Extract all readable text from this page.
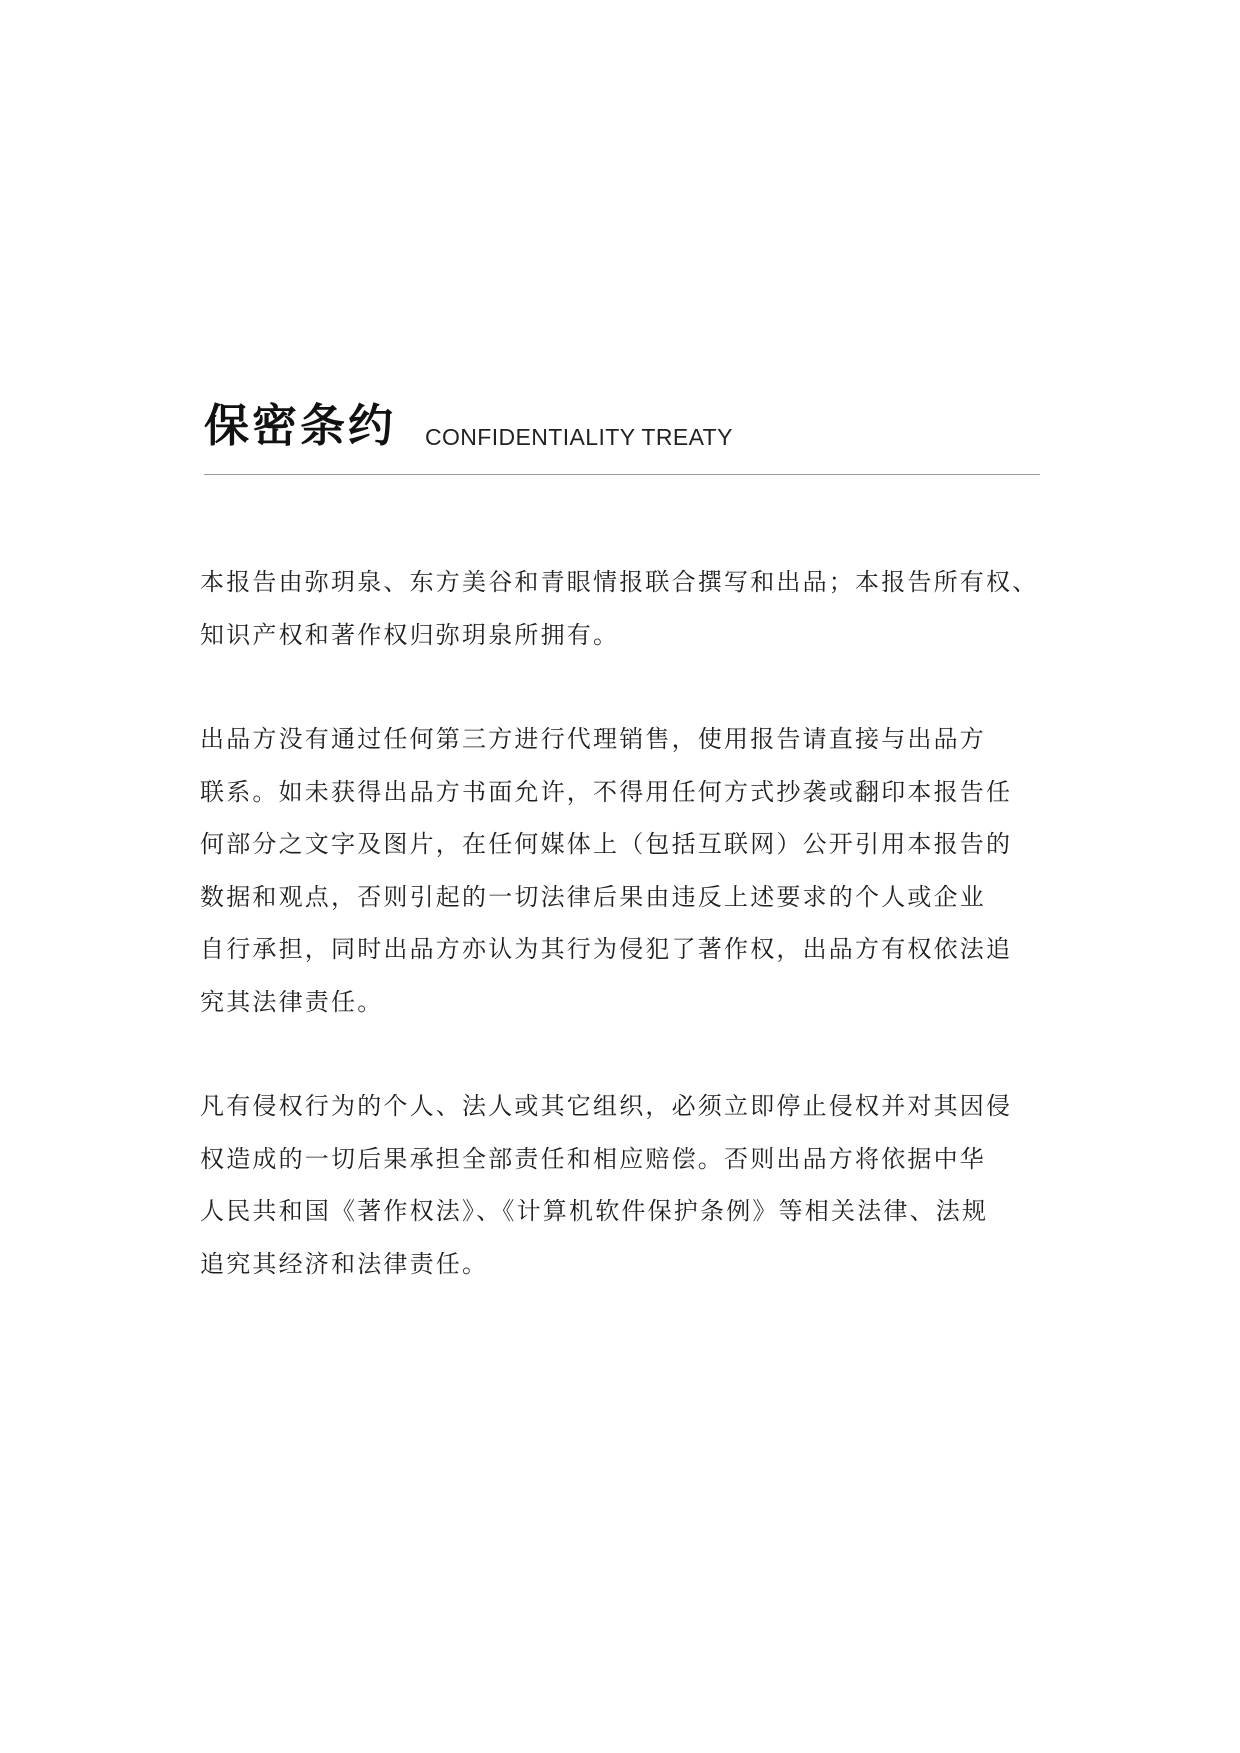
保密条约 CONFIDENTIALITY TREATY

本报告由弥玥泉、东方美谷和青眼情报联合撰写和出品；本报告所有权、
知识产权和著作权归弥玥泉所拥有。

出品方没有通过任何第三方进行代理销售，使用报告请直接与出品方
联系。如未获得出品方书面允许，不得用任何方式抄袭或翻印本报告任
何部分之文字及图片，在任何媒体上（包括互联网）公开引用本报告的
数据和观点，否则引起的一切法律后果由违反上述要求的个人或企业
自行承担，同时出品方亦认为其行为侵犯了著作权，出品方有权依法追
究其法律责任。

凡有侵权行为的个人、法人或其它组织，必须立即停止侵权并对其因侵
权造成的一切后果承担全部责任和相应赔偿。否则出品方将依据中华
人民共和国《著作权法》、《计算机软件保护条例》等相关法律、法规
追究其经济和法律责任。
